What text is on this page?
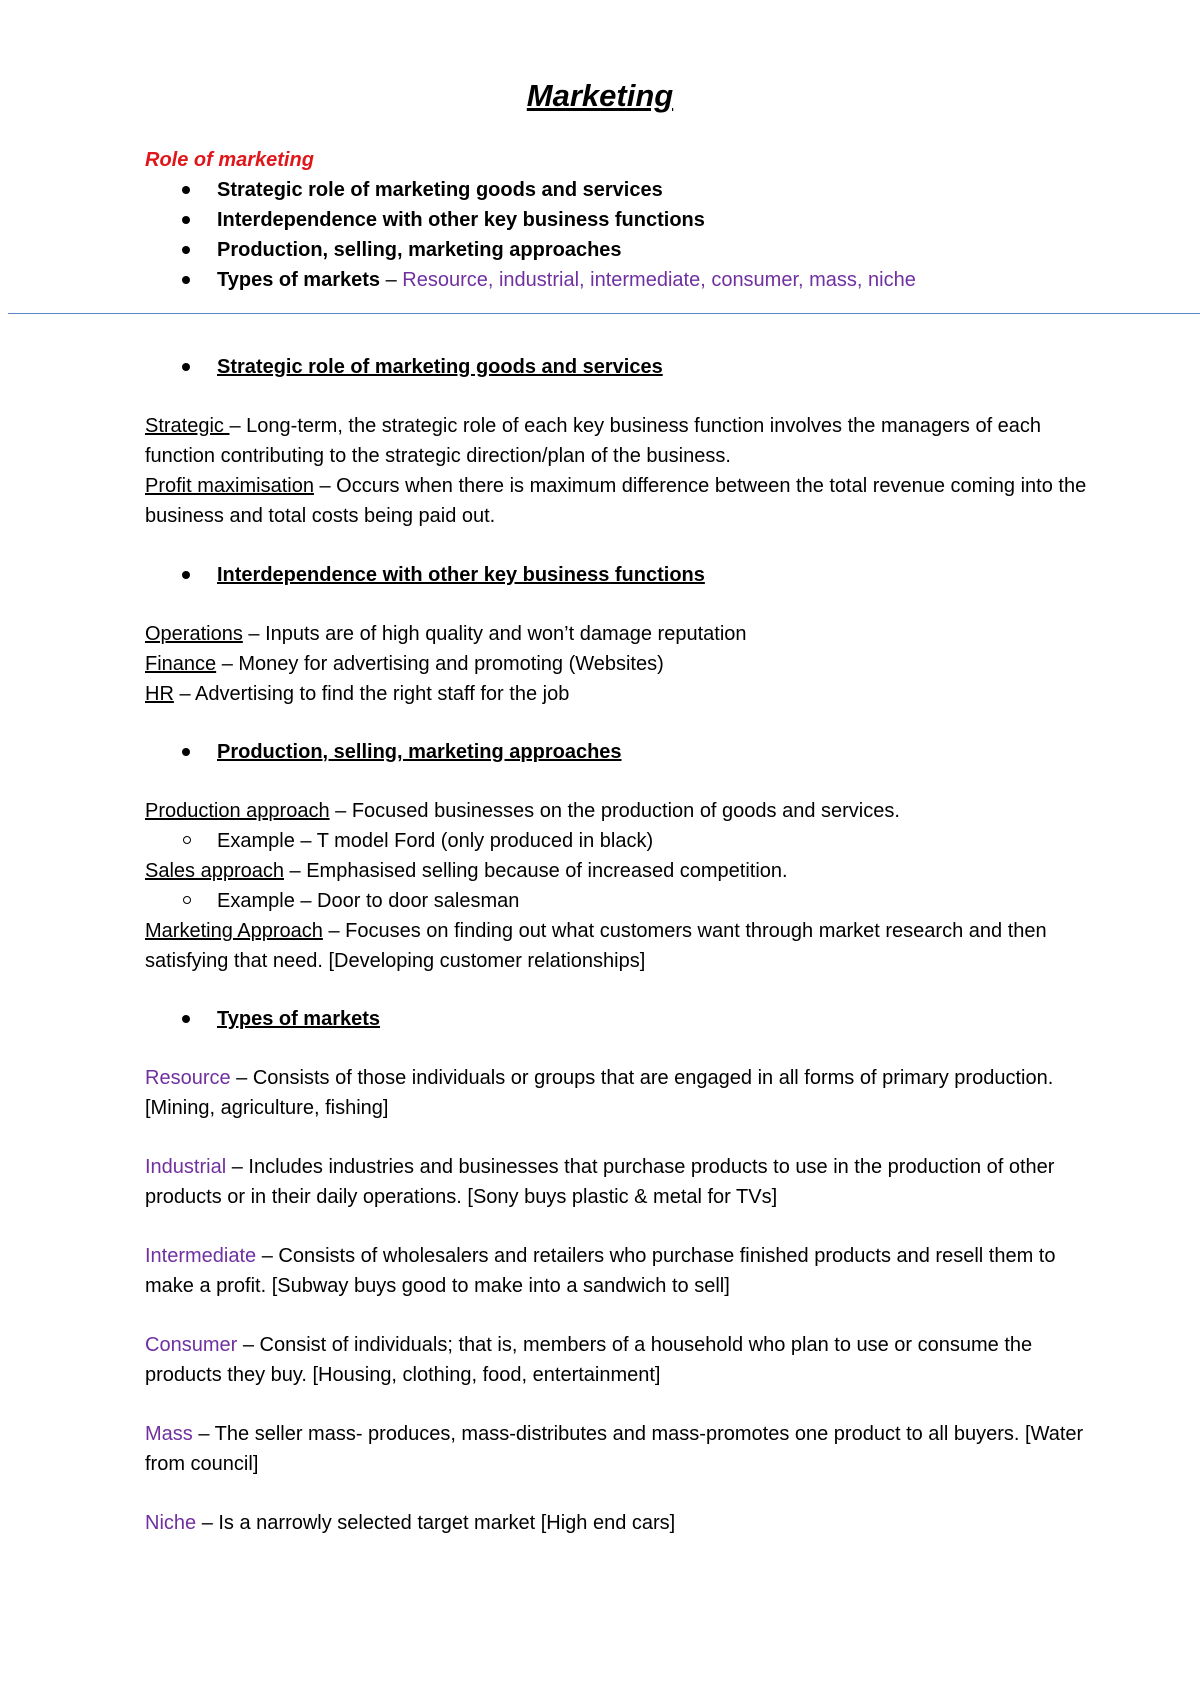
Marketing
Role of marketing
Strategic role of marketing goods and services
Interdependence with other key business functions
Production, selling, marketing approaches
Types of markets – Resource, industrial, intermediate, consumer, mass, niche
Strategic role of marketing goods and services
Strategic – Long-term, the strategic role of each key business function involves the managers of each function contributing to the strategic direction/plan of the business.
Profit maximisation – Occurs when there is maximum difference between the total revenue coming into the business and total costs being paid out.
Interdependence with other key business functions
Operations – Inputs are of high quality and won’t damage reputation
Finance – Money for advertising and promoting (Websites)
HR – Advertising to find the right staff for the job
Production, selling, marketing approaches
Production approach – Focused businesses on the production of goods and services.
Example – T model Ford (only produced in black)
Sales approach – Emphasised selling because of increased competition.
Example – Door to door salesman
Marketing Approach – Focuses on finding out what customers want through market research and then satisfying that need. [Developing customer relationships]
Types of markets
Resource – Consists of those individuals or groups that are engaged in all forms of primary production. [Mining, agriculture, fishing]
Industrial – Includes industries and businesses that purchase products to use in the production of other products or in their daily operations. [Sony buys plastic & metal for TVs]
Intermediate – Consists of wholesalers and retailers who purchase finished products and resell them to make a profit. [Subway buys good to make into a sandwich to sell]
Consumer – Consist of individuals; that is, members of a household who plan to use or consume the products they buy. [Housing, clothing, food, entertainment]
Mass – The seller mass- produces, mass-distributes and mass-promotes one product to all buyers. [Water from council]
Niche – Is a narrowly selected target market [High end cars]
